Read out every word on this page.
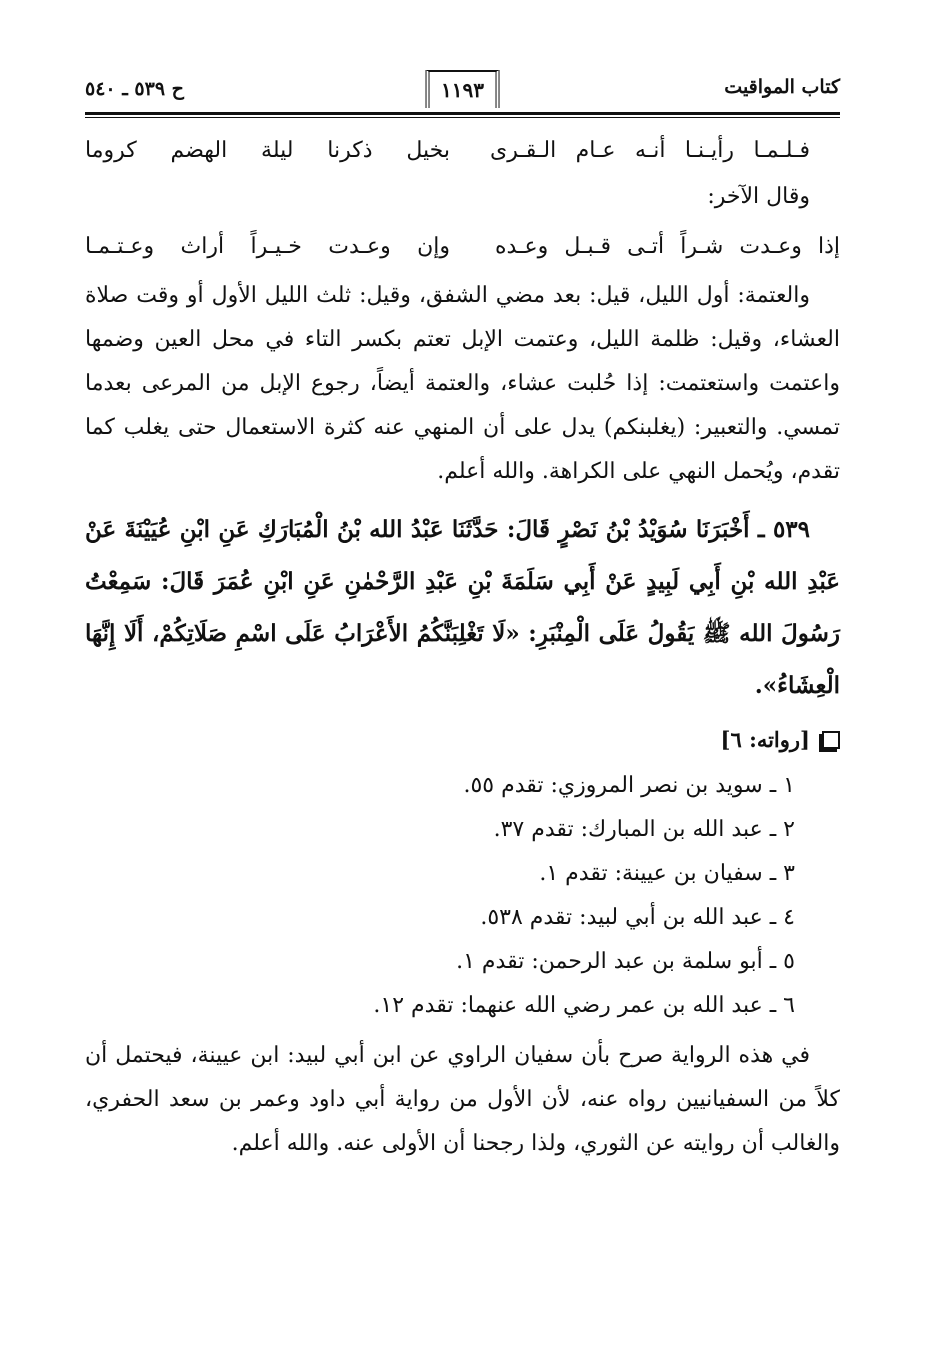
كتاب المواقيت
١١٩٣
ح ٥٣٩ ـ ٥٤٠
فـلـمـا رأيـنـا أنـه عـام الـقـرى
بخيل ذكرنا ليلة الهضم كروما
وقال الآخر:
إذا وعـدت شـراً أتـى قـبـل وعـده
وإن وعـدت خـيـراً أراث وعـتـمـا

والعتمة: أول الليل، قيل: بعد مضي الشفق، وقيل: ثلث الليل الأول أو وقت صلاة العشاء، وقيل: ظلمة الليل، وعتمت الإبل تعتم بكسر التاء في محل العين وضمها واعتمت واستعتمت: إذا حُلبت عشاء، والعتمة أيضاً، رجوع الإبل من المرعى بعدما تمسي. والتعبير: (يغلبنكم) يدل على أن المنهي عنه كثرة الاستعمال حتى يغلب كما تقدم، ويُحمل النهي على الكراهة. والله أعلم.

٥٣٩ ـ أَخْبَرَنَا سُوَيْدُ بْنُ نَصْرٍ قَالَ: حَدَّثَنَا عَبْدُ الله بْنُ الْمُبَارَكِ عَنِ ابْنِ عُيَيْنَةَ عَنْ عَبْدِ الله بْنِ أَبِي لَبِيدٍ عَنْ أَبِي سَلَمَةَ بْنِ عَبْدِ الرَّحْمٰنِ عَنِ ابْنِ عُمَرَ قَالَ: سَمِعْتُ رَسُولَ الله ﷺ يَقُولُ عَلَى الْمِنْبَرِ: «لَا تَغْلِبَنَّكُمُ الأَعْرَابُ عَلَى اسْمِ صَلَاتِكُمْ، أَلَا إِنَّهَا الْعِشَاءُ».

[رواته: ٦]
١ ـ سويد بن نصر المروزي: تقدم ٥٥.
٢ ـ عبد الله بن المبارك: تقدم ٣٧.
٣ ـ سفيان بن عيينة: تقدم ١.
٤ ـ عبد الله بن أبي لبيد: تقدم ٥٣٨.
٥ ـ أبو سلمة بن عبد الرحمن: تقدم ١.
٦ ـ عبد الله بن عمر رضي الله عنهما: تقدم ١٢.

في هذه الرواية صرح بأن سفيان الراوي عن ابن أبي لبيد: ابن عيينة، فيحتمل أن كلاً من السفيانيين رواه عنه، لأن الأول من رواية أبي داود وعمر بن سعد الحفري، والغالب أن روايته عن الثوري، ولذا رجحنا أن الأولى عنه. والله أعلم.
